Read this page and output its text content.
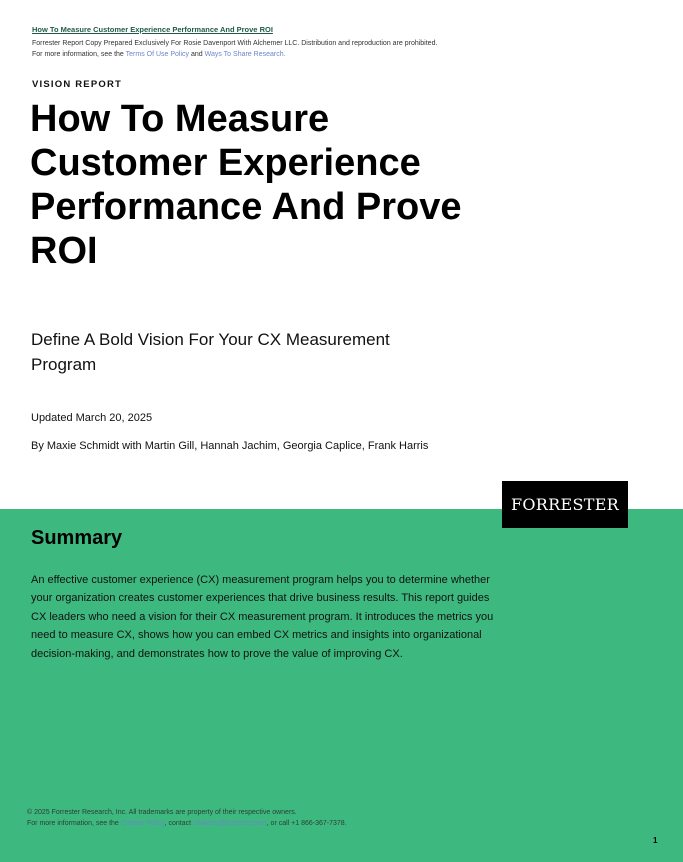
How To Measure Customer Experience Performance And Prove ROI
Forrester Report Copy Prepared Exclusively For Rosie Davenport With Alchemer LLC. Distribution and reproduction are prohibited.
For more information, see the Terms Of Use Policy and Ways To Share Research.
VISION REPORT
How To Measure Customer Experience Performance And Prove ROI
Define A Bold Vision For Your CX Measurement Program
Updated March 20, 2025
By Maxie Schmidt with Martin Gill, Hannah Jachim, Georgia Caplice, Frank Harris
FORRESTER
Summary

An effective customer experience (CX) measurement program helps you to determine whether your organization creates customer experiences that drive business results. This report guides CX leaders who need a vision for their CX measurement program. It introduces the metrics you need to measure CX, shows how you can embed CX metrics and insights into organizational decision-making, and demonstrates how to prove the value of improving CX.

© 2025 Forrester Research, Inc. All trademarks are property of their respective owners.
For more information, see the Citation Policy, contact citations@forrester.com, or call +1 866-367-7378.
1
